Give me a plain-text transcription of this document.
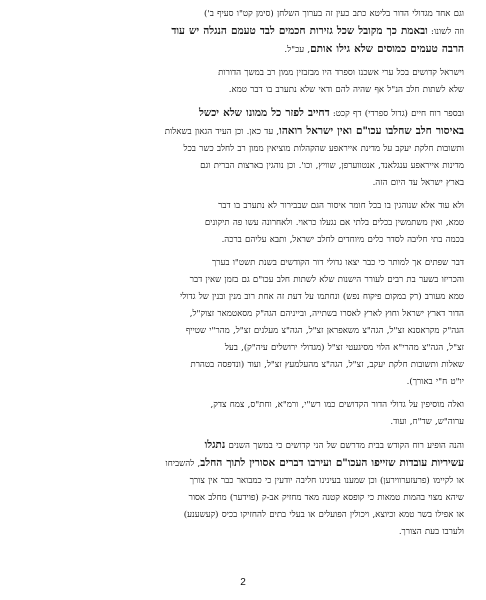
וגם אחד מגדולי הדור בליטא כתב כעין זה בערוך השלחן (סימן קט"ו סעיף ב')
וזה לשונו: ובאמת כך מקובל שכל גזירות חכמים לבד טעמם הנגלה יש עוד
הרבה טעמים כמוסים שלא גילו אותם, עכ"ל.

וישראל קדושים בכל ערי אשכנז וספרד היו מבזבזין ממון רב במשך הדורות
שלא לשתות חלב הנ"ל אף שהיה להם ודאי שלא נתערב בו דבר טמא.

ובספר רוח חיים (גדול ספרדי) דף קכט: דחייב לפזר כל ממונו שלא יכשל
באיסור חלב שחלבו עכו"ם ואין ישראל רואהו, עד כאן. וכן העיד הגאון בשאלות
ותשובות חלקת יעקב על מדינת אייראפע שהקהלות מוציאין ממון רב לחלב כשר בכל
מדינות אייראפע ענגלאנד, אנטווערפן, שוויץ, וכו'. וכן נוהגין בארצות הברית וגם
בארץ ישראל עד היום הזה.

ולא עוד אלא שנוהגין בו בכל חומר איסור הגם שבבירור לא נתערב בו דבר
טמא, ואין משתמשין בכלים בלתי אם נגעלו כראוי. ולאחרונה עשו פה תיקונים
בכמה בתי חליבה לסדר כלים מיוחדים לחלב ישראל, ותבא עליהם ברכה.

דבר שפתים אך למותר כי כבר יצאו גדולי דור הקודשים בשנת תשט"ו בערך
והכריזו בשער בת רבים לעורר הישנות שלא לשתות חלב עכו"ם גם בזמן שאין דבר
טמא מעורב (רק במקום פיקוח נפש) ונחתמו על דעת זה אחת רוב מנין ובנין של גדולי
הדור דארץ ישראל וחוץ לארץ לאסרו בשתייה, ובייניהם הגה"ק מסאטמאר זצוק"ל,
הגה"ק מקראסנא זצ"ל, הגה"צ משאפראן זצ"ל, הגה"צ מעלנים זצ"ל, מהר"י שטייף
זצ"ל, הגה"צ מהרי"א הלוי מסיגעטי זצ"ל (מגדולי ירושלים עיה"ק), בעל
שאלות ותשובות חלקת יעקב, זצ"ל, הגה"צ מהעלמעץ זצ"ל, ועוד (ונדפסה בטהרת
יו"ט ח"י באורך).

ואלה מוסיפין על גדולי הדור הקדושים כמו רש"י, ורמ"א, וחת"ס, צמח צדק,
ערוה"ש, שד"ח, ועוד.

והנה הופיע רוח הקודש בבית מדרשם של הני קדושים כי במשך השנים נתגלו
עשיריות עובדות שזייפו העכו"ם ועירבו דברים אסורין לתוך החלב, להשביחו
או לקיימו (פרעזערווירען) וכן שמענו בעינינו חליבה יודעין כי כמבואר כבר אין צורך
שיהא מצוי בהמות טמאות כי קופסא קטנה מאד מחזיק אב-ק (פוידער) מחלב אסור
או אפילו בשר טמא וכיוצא, ויכולין הפועלים או בעלי בתים להחזיקו בכיס (קעשענע)
ולערבו בעת הצורך.

2
